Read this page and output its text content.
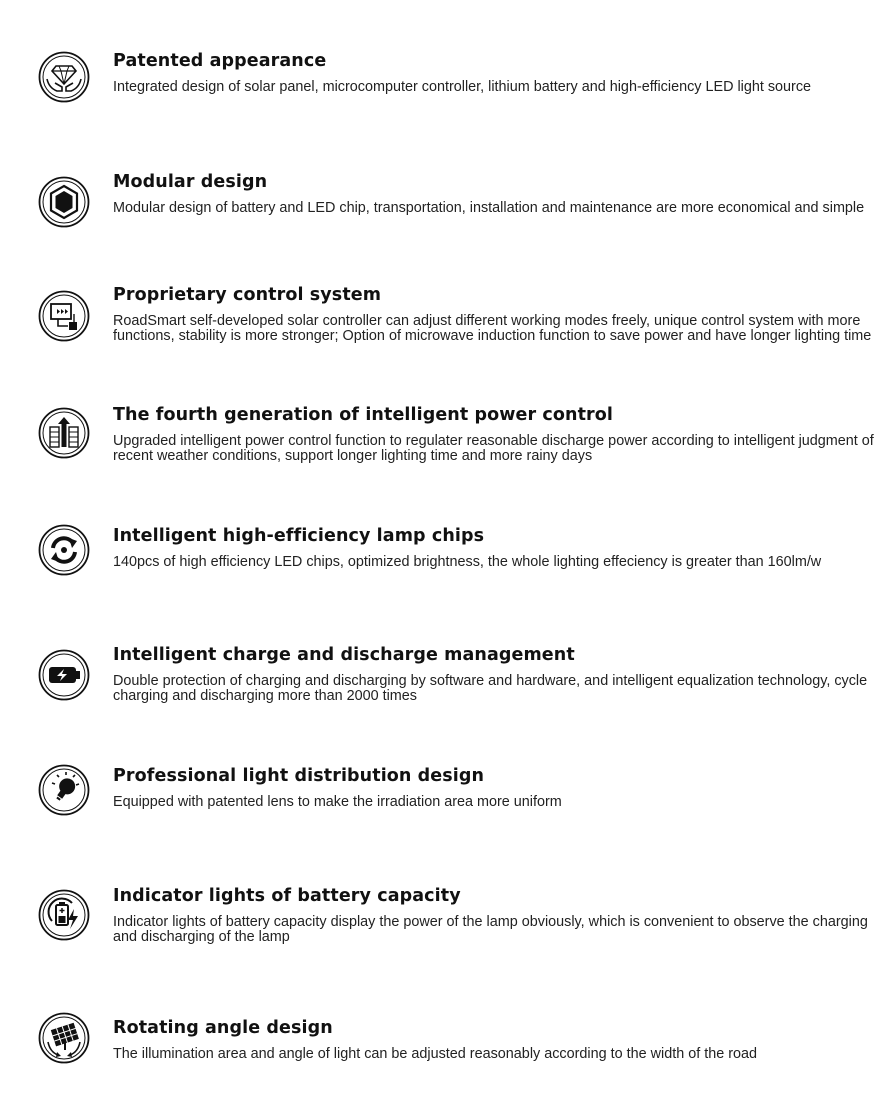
Patented appearance

Integrated design of solar panel, microcomputer controller, lithium battery and high-efficiency LED light source

Modular design

Modular design of battery and LED chip, transportation, installation and maintenance are more economical and simple

Proprietary control system

RoadSmart self-developed solar controller can adjust different working modes freely, unique control system with more functions, stability is more stronger; Option of microwave induction function to save power and have longer lighting time

The fourth generation of intelligent power control

Upgraded intelligent power control function to regulater reasonable discharge power according to intelligent judgment of recent weather conditions, support longer lighting time and more rainy days

Intelligent high-efficiency lamp chips

140pcs of high efficiency LED chips, optimized brightness, the whole lighting effeciency is greater than 160lm/w

Intelligent charge and discharge management

Double protection of charging and discharging by software and hardware, and intelligent equalization technology, cycle charging and discharging more than 2000 times

Professional light distribution design

Equipped with patented lens to make the irradiation area more uniform

Indicator lights of battery capacity

Indicator lights of battery capacity display the power of the lamp obviously, which is convenient to observe the charging and discharging of the lamp

Rotating angle design

The illumination area and angle of light can be adjusted reasonably according to the width of the road
